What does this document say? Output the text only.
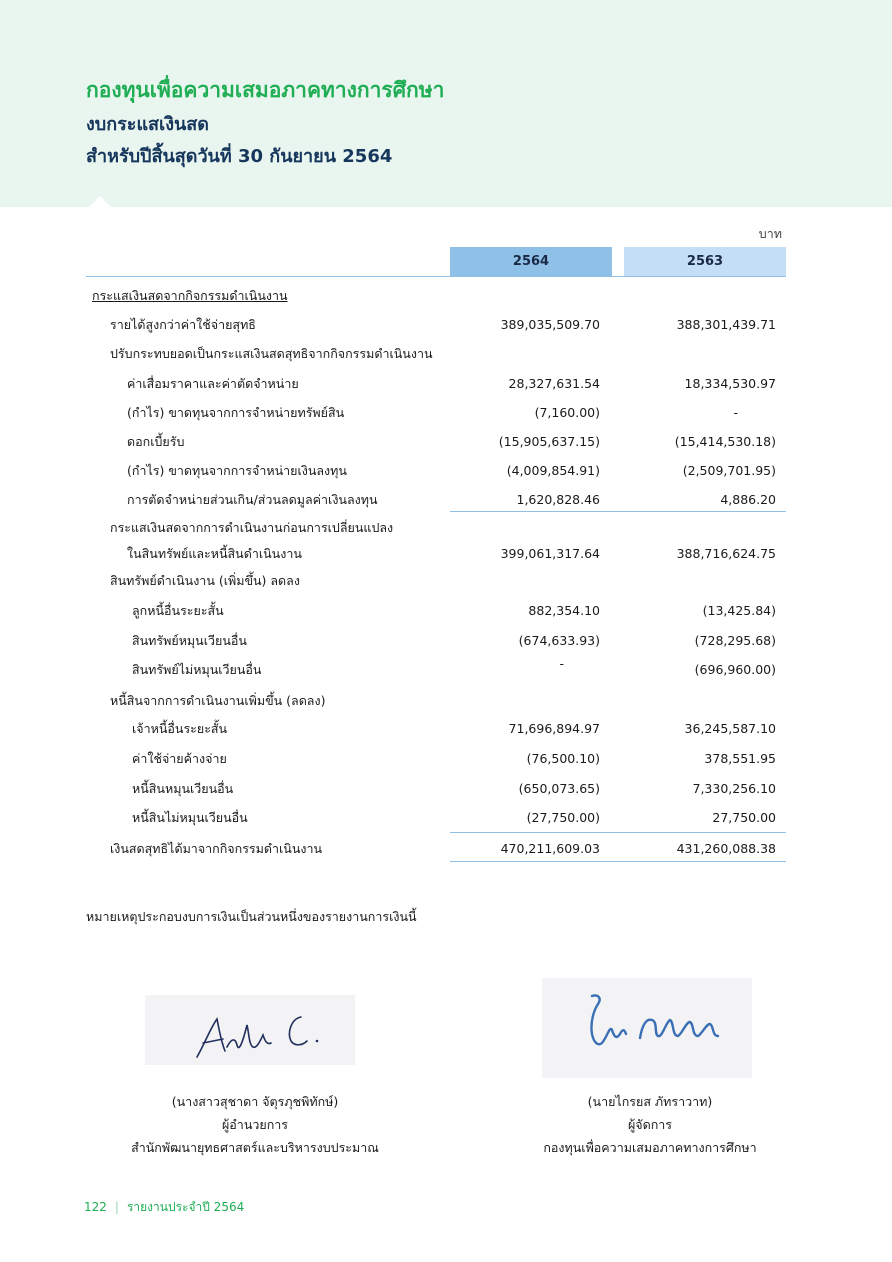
กองทุนเพื่อความเสมอภาคทางการศึกษา
งบกระแสเงินสด
สำหรับปีสิ้นสุดวันที่ 30 กันยายน 2564
บาท
2564	2563
กระแสเงินสดจากกิจกรรมดำเนินงาน
รายได้สูงกว่าค่าใช้จ่ายสุทธิ	389,035,509.70	388,301,439.71
ปรับกระทบยอดเป็นกระแสเงินสดสุทธิจากกิจกรรมดำเนินงาน
ค่าเสื่อมราคาและค่าตัดจำหน่าย	28,327,631.54	18,334,530.97
(กำไร) ขาดทุนจากการจำหน่ายทรัพย์สิน	(7,160.00)	-
ดอกเบี้ยรับ	(15,905,637.15)	(15,414,530.18)
(กำไร) ขาดทุนจากการจำหน่ายเงินลงทุน	(4,009,854.91)	(2,509,701.95)
การตัดจำหน่ายส่วนเกิน/ส่วนลดมูลค่าเงินลงทุน	1,620,828.46	4,886.20
กระแสเงินสดจากการดำเนินงานก่อนการเปลี่ยนแปลง
ในสินทรัพย์และหนี้สินดำเนินงาน	399,061,317.64	388,716,624.75
สินทรัพย์ดำเนินงาน (เพิ่มขึ้น) ลดลง
ลูกหนี้อื่นระยะสั้น	882,354.10	(13,425.84)
สินทรัพย์หมุนเวียนอื่น	(674,633.93)	(728,295.68)
สินทรัพย์ไม่หมุนเวียนอื่น	-	(696,960.00)
หนี้สินจากการดำเนินงานเพิ่มขึ้น (ลดลง)
เจ้าหนี้อื่นระยะสั้น	71,696,894.97	36,245,587.10
ค่าใช้จ่ายค้างจ่าย	(76,500.10)	378,551.95
หนี้สินหมุนเวียนอื่น	(650,073.65)	7,330,256.10
หนี้สินไม่หมุนเวียนอื่น	(27,750.00)	27,750.00
เงินสดสุทธิได้มาจากกิจกรรมดำเนินงาน	470,211,609.03	431,260,088.38
หมายเหตุประกอบงบการเงินเป็นส่วนหนึ่งของรายงานการเงินนี้
(นางสาวสุชาดา จัตุรภุชพิทักษ์)
ผู้อำนวยการ
สำนักพัฒนายุทธศาสตร์และบริหารงบประมาณ
(นายไกรยส ภัทราวาท)
ผู้จัดการ
กองทุนเพื่อความเสมอภาคทางการศึกษา
122 | รายงานประจำปี 2564
